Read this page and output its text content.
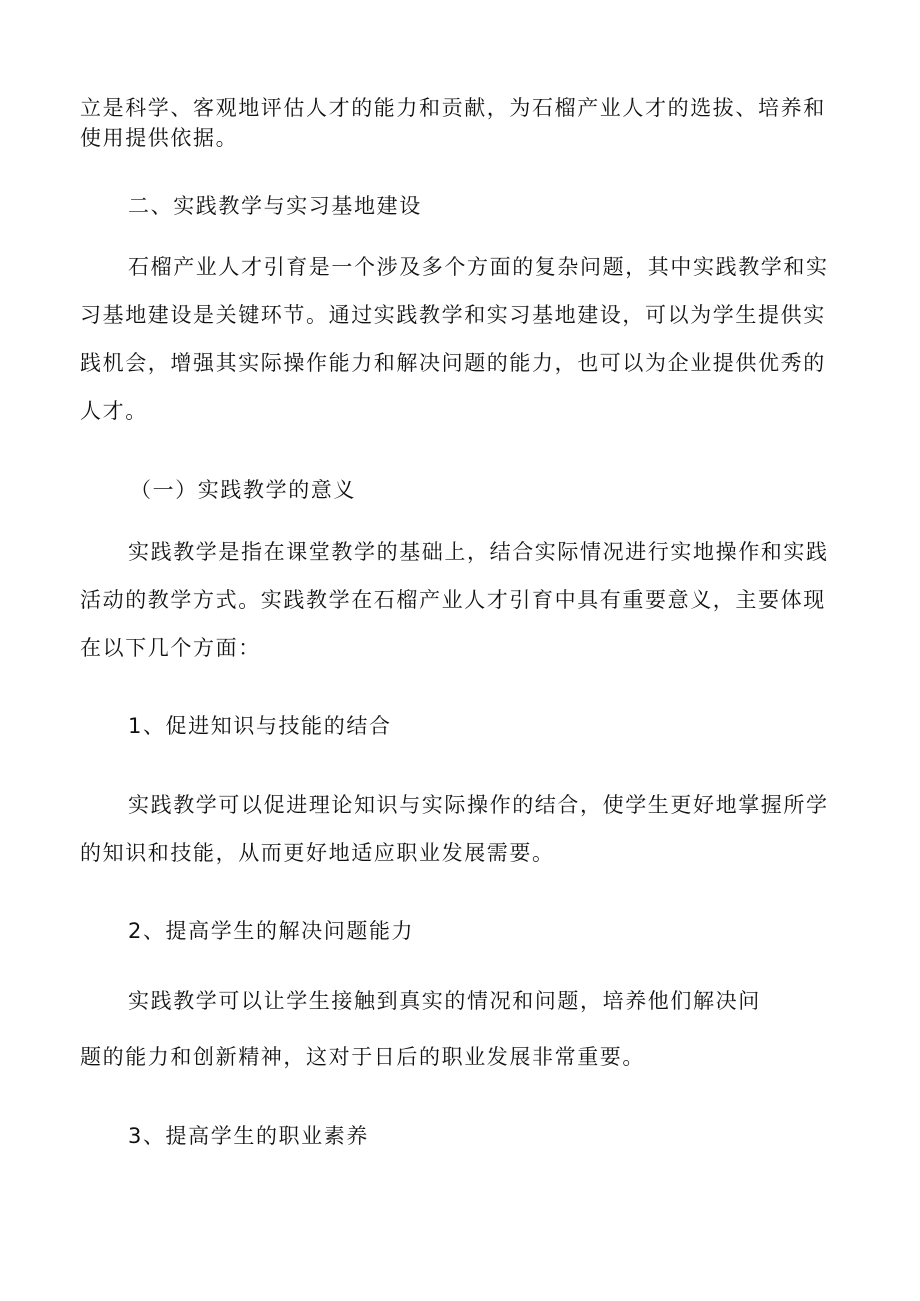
立是科学、客观地评估人才的能力和贡献，为石榴产业人才的选拔、培养和
使用提供依据。
二、实践教学与实习基地建设
石榴产业人才引育是一个涉及多个方面的复杂问题，其中实践教学和实
习基地建设是关键环节。通过实践教学和实习基地建设，可以为学生提供实
践机会，增强其实际操作能力和解决问题的能力，也可以为企业提供优秀的
人才。
（一）实践教学的意义
实践教学是指在课堂教学的基础上，结合实际情况进行实地操作和实践
活动的教学方式。实践教学在石榴产业人才引育中具有重要意义，主要体现
在以下几个方面：
1、促进知识与技能的结合
实践教学可以促进理论知识与实际操作的结合，使学生更好地掌握所学
的知识和技能，从而更好地适应职业发展需要。
2、提高学生的解决问题能力
实践教学可以让学生接触到真实的情况和问题，培养他们解决问
题的能力和创新精神，这对于日后的职业发展非常重要。
3、提高学生的职业素养
